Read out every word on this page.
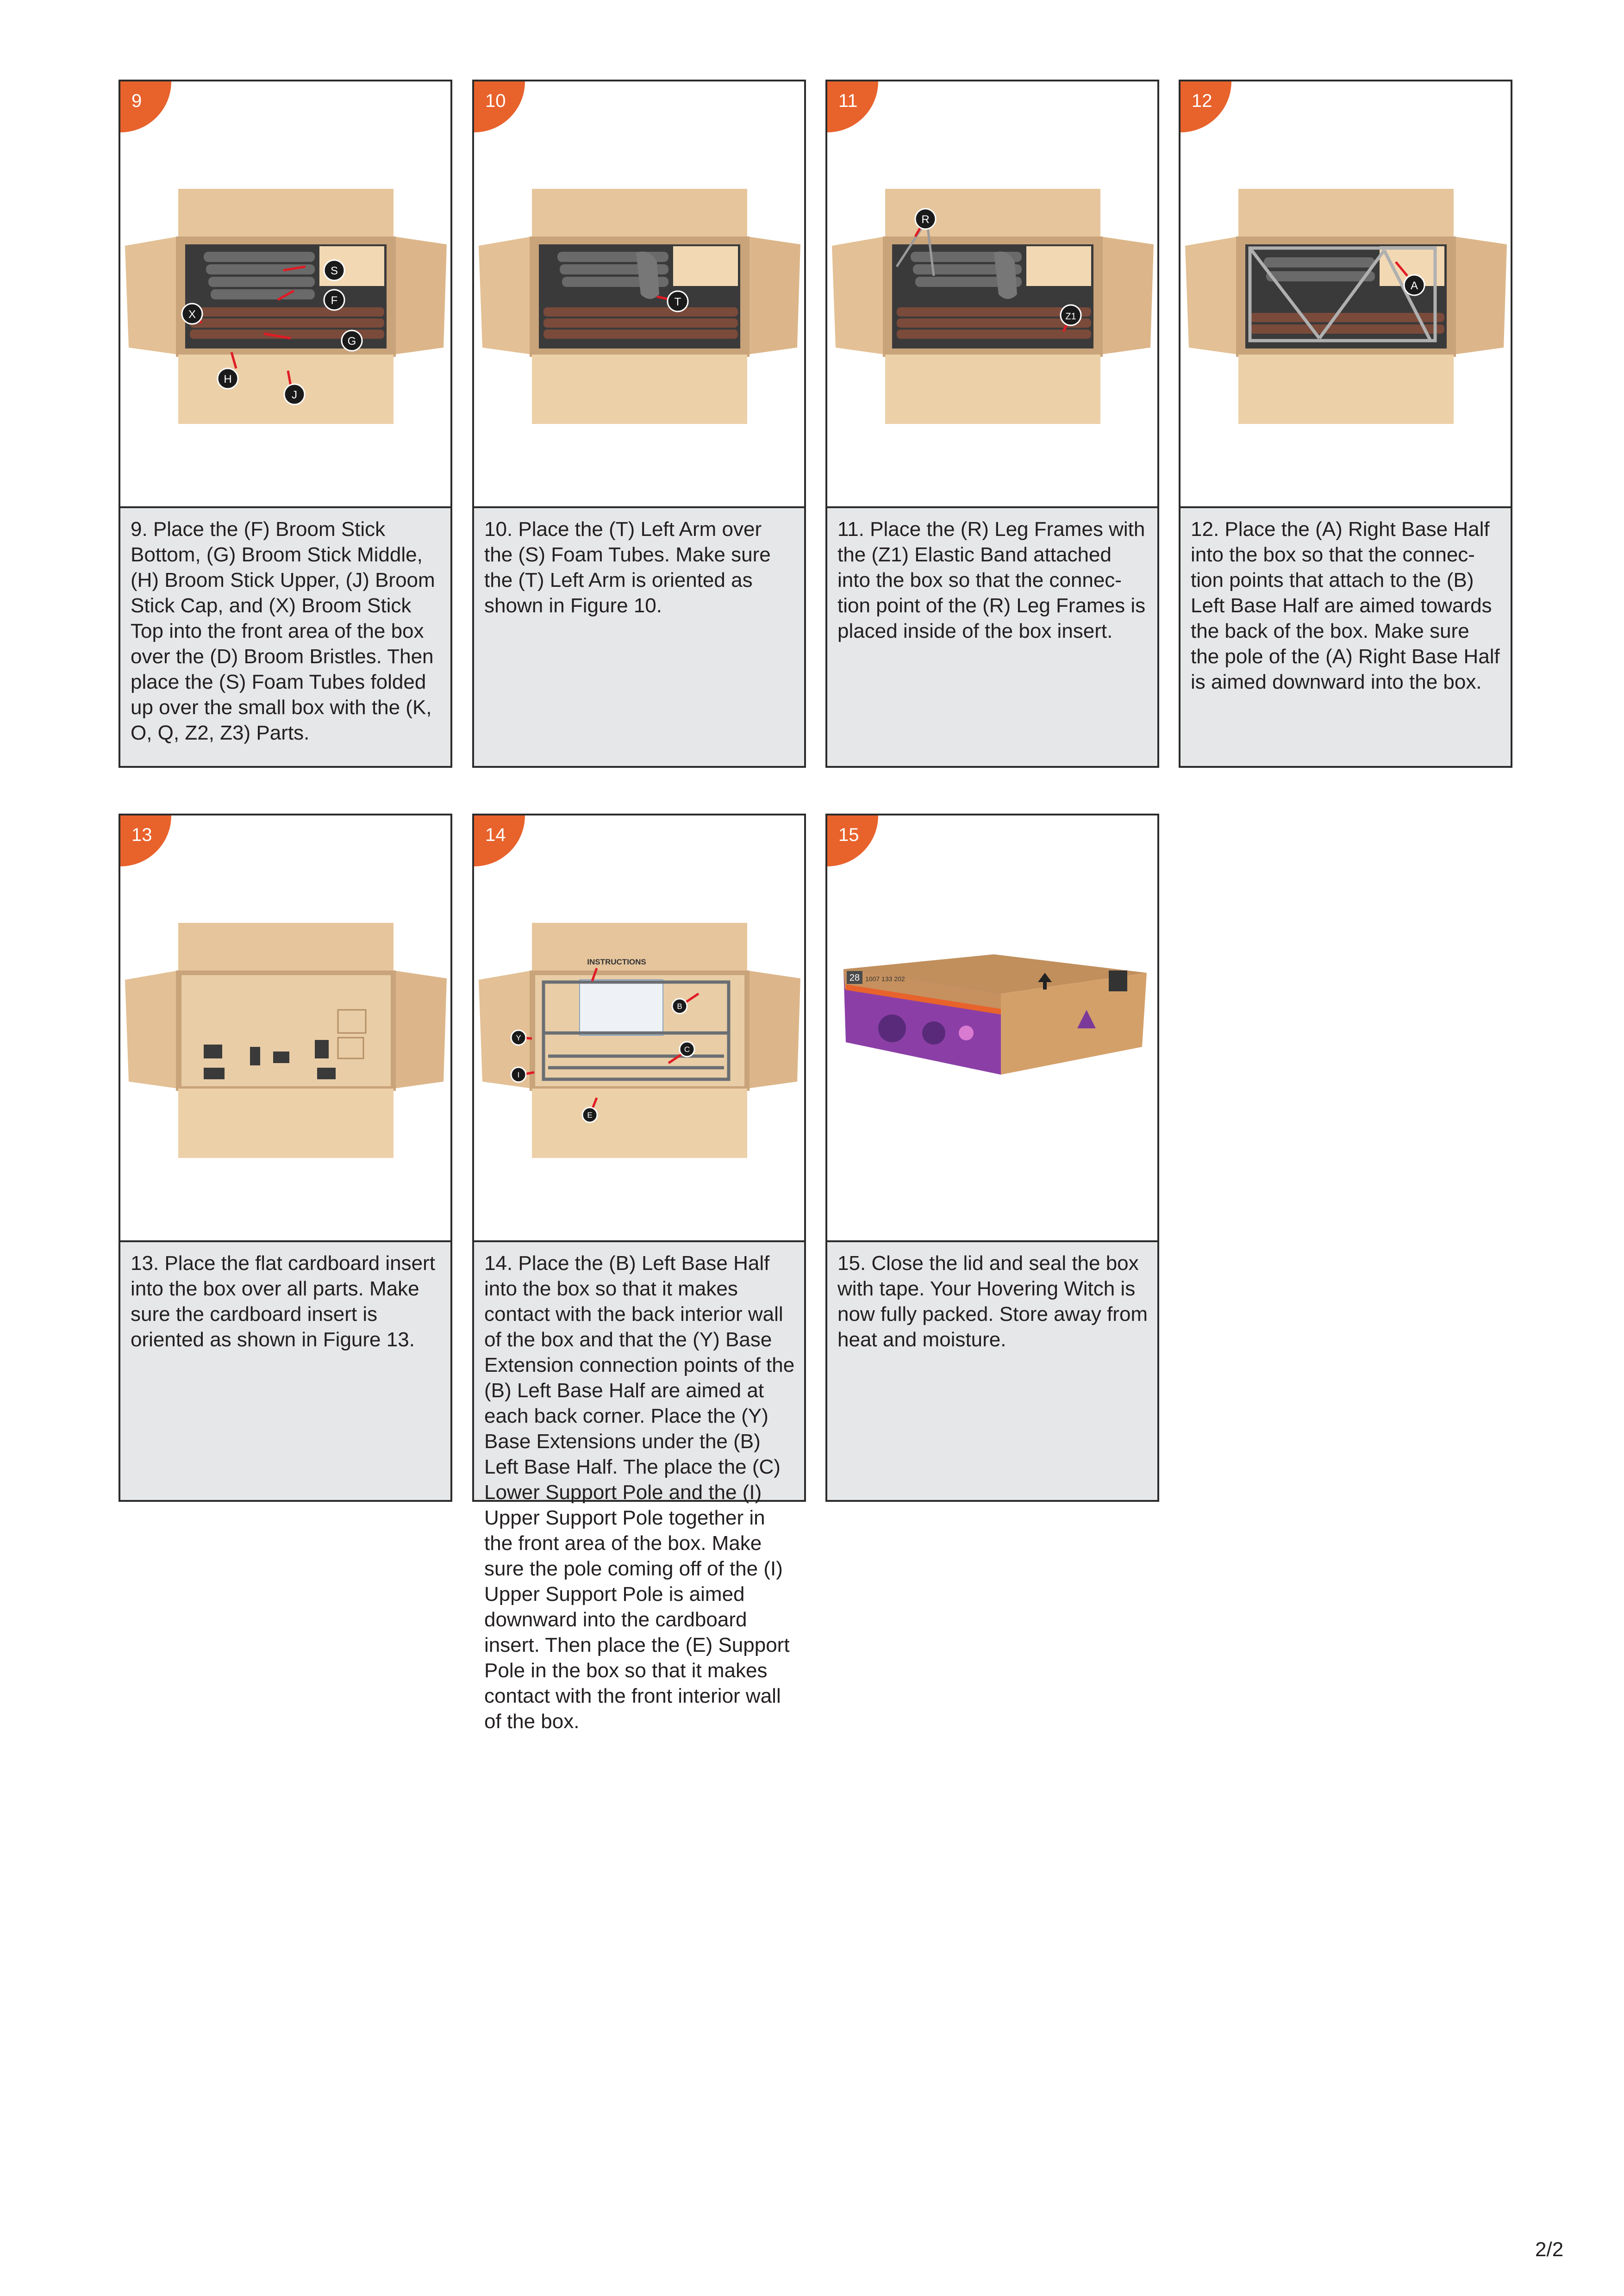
9
S
F
X
G
H
J
9. Place the (F) Broom Stick Bottom, (G) Broom Stick Middle, (H) Broom Stick Upper, (J) Broom Stick Cap, and (X) Broom Stick Top into the front area of the box over the (D) Broom Bristles. Then place the (S) Foam Tubes folded up over the small box with the (K, O, Q, Z2, Z3) Parts.
10
T
10. Place the (T) Left Arm over the (S) Foam Tubes. Make sure the (T) Left Arm is oriented as shown in Figure 10.
11
R
Z1
11. Place the (R) Leg Frames with the (Z1) Elastic Band attached into the box so that the connec-tion point of the (R) Leg Frames is placed inside of the box insert.
12
A
12. Place the (A) Right Base Half into the box so that the connec-tion points that attach to the (B) Left Base Half are aimed towards the back of the box. Make sure the pole of the (A) Right Base Half is aimed downward into the box.
13
13. Place the flat cardboard insert into the box over all parts. Make sure the cardboard insert is oriented as shown in Figure 13.
14
INSTRUCTIONS
B
Y
C
I
E
14. Place the (B) Left Base Half into the box so that it makes contact with the back interior wall of the box and that the (Y) Base Extension connection points of the (B) Left Base Half are aimed at each back corner. Place the (Y) Base Extensions under the (B) Left Base Half. The place the (C) Lower Support Pole and the (I) Upper Support Pole together in the front area of the box. Make sure the pole coming off of the (I) Upper Support Pole is aimed downward into the cardboard insert. Then place the (E) Support Pole in the box so that it makes contact with the front interior wall of the box.
15
28 1007 133 202
15. Close the lid and seal the box with tape. Your Hovering Witch is now fully packed. Store away from heat and moisture.
2/2
